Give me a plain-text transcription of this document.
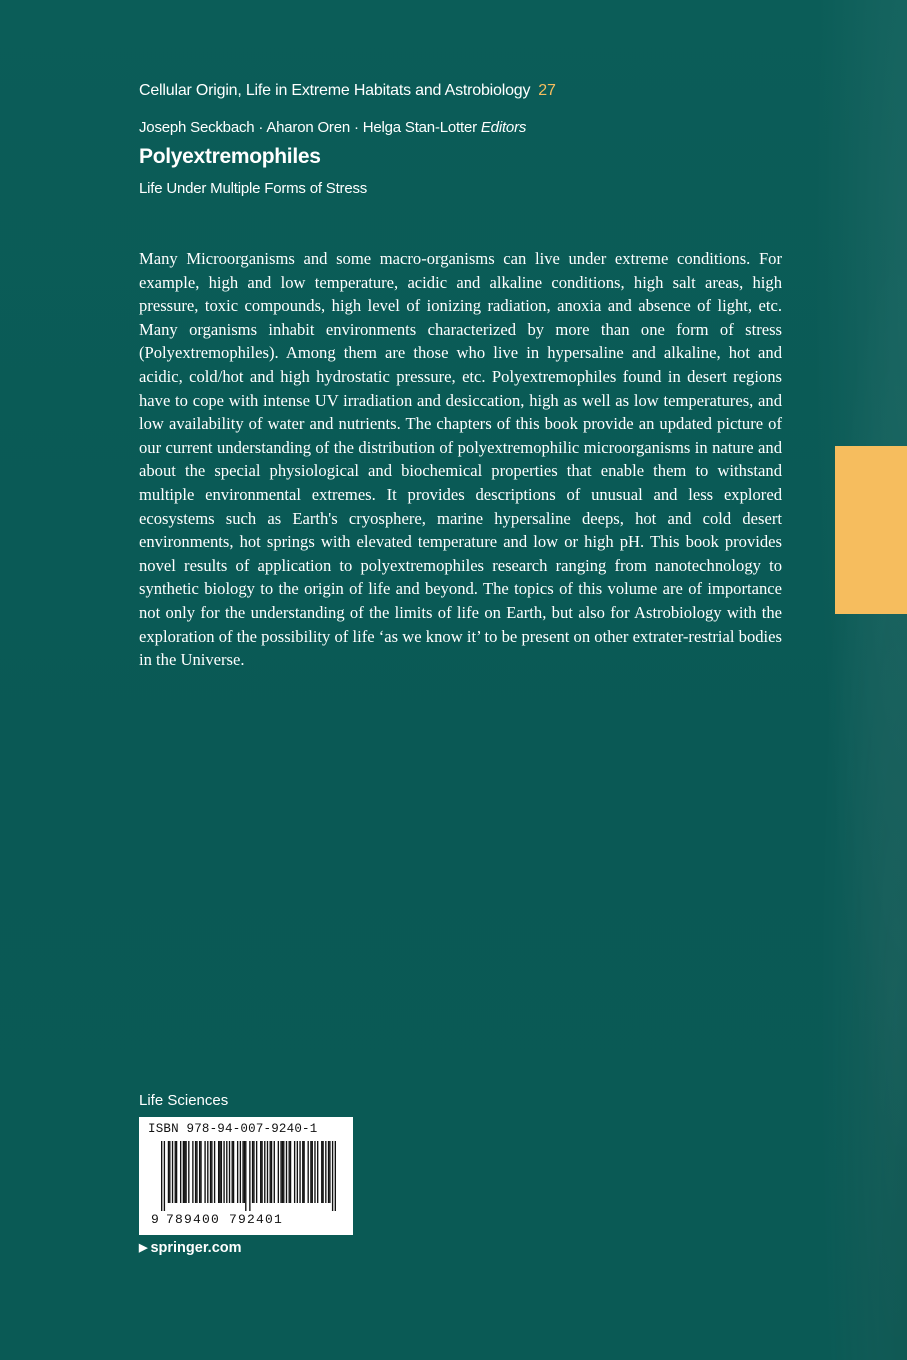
Cellular Origin, Life in Extreme Habitats and Astrobiology 27
Joseph Seckbach · Aharon Oren · Helga Stan-Lotter Editors
Polyextremophiles
Life Under Multiple Forms of Stress

Many Microorganisms and some macro-organisms can live under extreme conditions. For example, high and low temperature, acidic and alkaline conditions, high salt areas, high pressure, toxic compounds, high level of ionizing radiation, anoxia and absence of light, etc. Many organisms inhabit environments characterized by more than one form of stress (Polyextremophiles). Among them are those who live in hypersaline and alkaline, hot and acidic, cold/hot and high hydrostatic pressure, etc. Polyextremophiles found in desert regions have to cope with intense UV irradiation and desiccation, high as well as low temperatures, and low availability of water and nutrients. The chapters of this book provide an updated picture of our current understanding of the distribution of polyextremophilic microorganisms in nature and about the special physiological and biochemical properties that enable them to withstand multiple environmental extremes. It provides descriptions of unusual and less explored ecosystems such as Earth's cryosphere, marine hypersaline deeps, hot and cold desert environments, hot springs with elevated temperature and low or high pH. This book provides novel results of application to polyextremophiles research ranging from nanotechnology to synthetic biology to the origin of life and beyond. The topics of this volume are of importance not only for the understanding of the limits of life on Earth, but also for Astrobiology with the exploration of the possibility of life ‘as we know it’ to be present on other extrater-restrial bodies in the Universe.

Life Sciences
ISBN 978-94-007-9240-1
9 789400 792401
▶ springer.com
